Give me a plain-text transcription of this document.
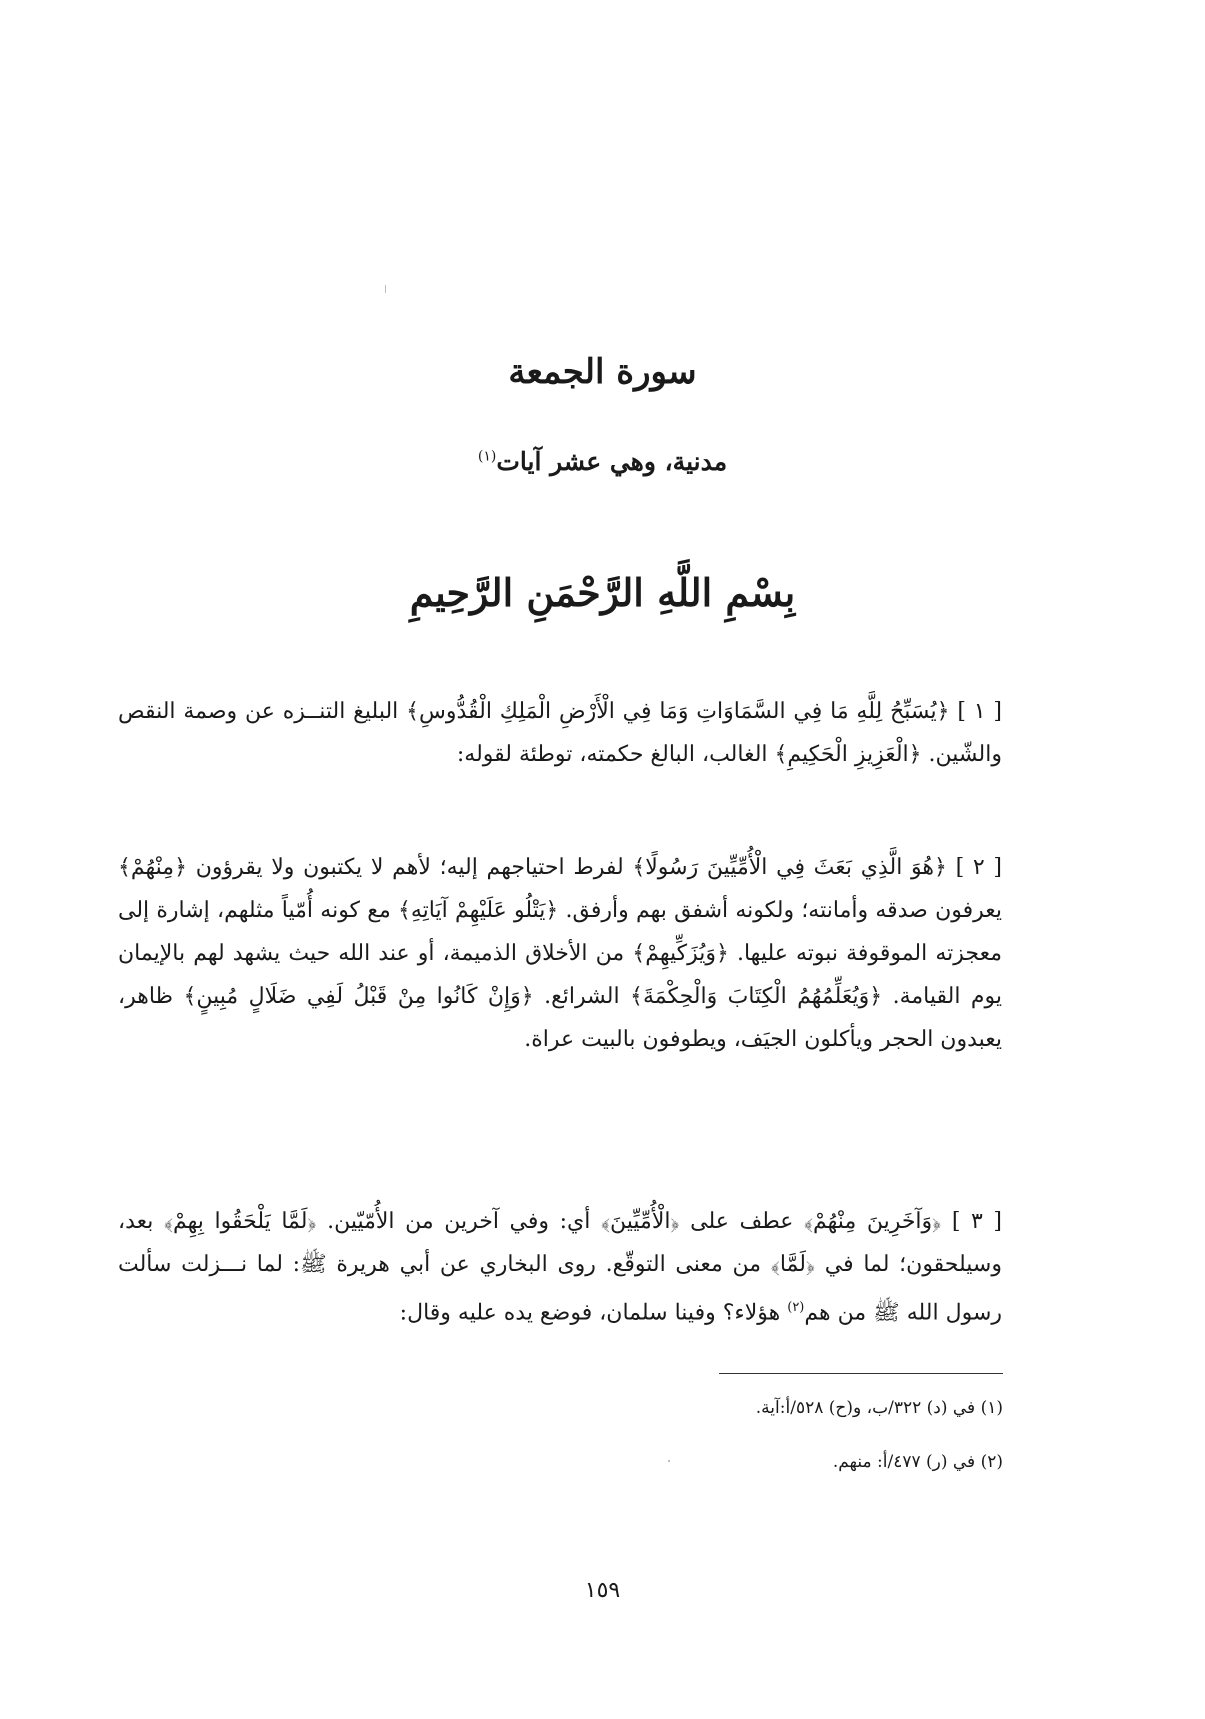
سورة الجمعة

مدنية، وهي عشر آيات$^{(١)}$

بِسْمِ اللَّهِ الرَّحْمَنِ الرَّحِيمِ

[ ١ ] ﴿يُسَبِّحُ لِلَّهِ مَا فِي السَّمَاوَاتِ وَمَا فِي الْأَرْضِ الْمَلِكِ الْقُدُّوسِ﴾ البليغ التنــزه عن وصمة النقص والشّين. ﴿الْعَزِيزِ الْحَكِيمِ﴾ الغالب، البالغ حكمته، توطئة لقوله:

[ ٢ ] ﴿هُوَ الَّذِي بَعَثَ فِي الْأُمِّيِّينَ رَسُولًا﴾ لفرط احتياجهم إليه؛ لأهم لا يكتبون ولا يقرؤون ﴿مِنْهُمْ﴾ يعرفون صدقه وأمانته؛ ولكونه أشفق بهم وأرفق. ﴿يَتْلُو عَلَيْهِمْ آيَاتِهِ﴾ مع كونه أُمّياً مثلهم، إشارة إلى معجزته الموقوفة نبوته عليها. ﴿وَيُزَكِّيهِمْ﴾ من الأخلاق الذميمة، أو عند الله حيث يشهد لهم بالإيمان يوم القيامة. ﴿وَيُعَلِّمُهُمُ الْكِتَابَ وَالْحِكْمَةَ﴾ الشرائع. ﴿وَإِنْ كَانُوا مِنْ قَبْلُ لَفِي ضَلَالٍ مُبِينٍ﴾ ظاهر، يعبدون الحجر ويأكلون الجيَف، ويطوفون بالبيت عراة.

[ ٣ ] ﴿وَآخَرِينَ مِنْهُمْ﴾ عطف على ﴿الْأُمِّيِّينَ﴾ أي: وفي آخرين من الأُمّيّين. ﴿لَمَّا يَلْحَقُوا بِهِمْ﴾ بعد، وسيلحقون؛ لما في ﴿لَمَّا﴾ من معنى التوقّع. روى البخاري عن أبي هريرة ﷺ: لما نـــزلت سألت رسول الله ﷺ من هم$^{(٢)}$ هؤلاء؟ وفينا سلمان، فوضع يده عليه وقال:

(١) في (د) ٣٢٢/ب، و(ح) ٥٢٨/أ:آية.

(٢) في (ر) ٤٧٧/أ: منهم.

١٥٩
